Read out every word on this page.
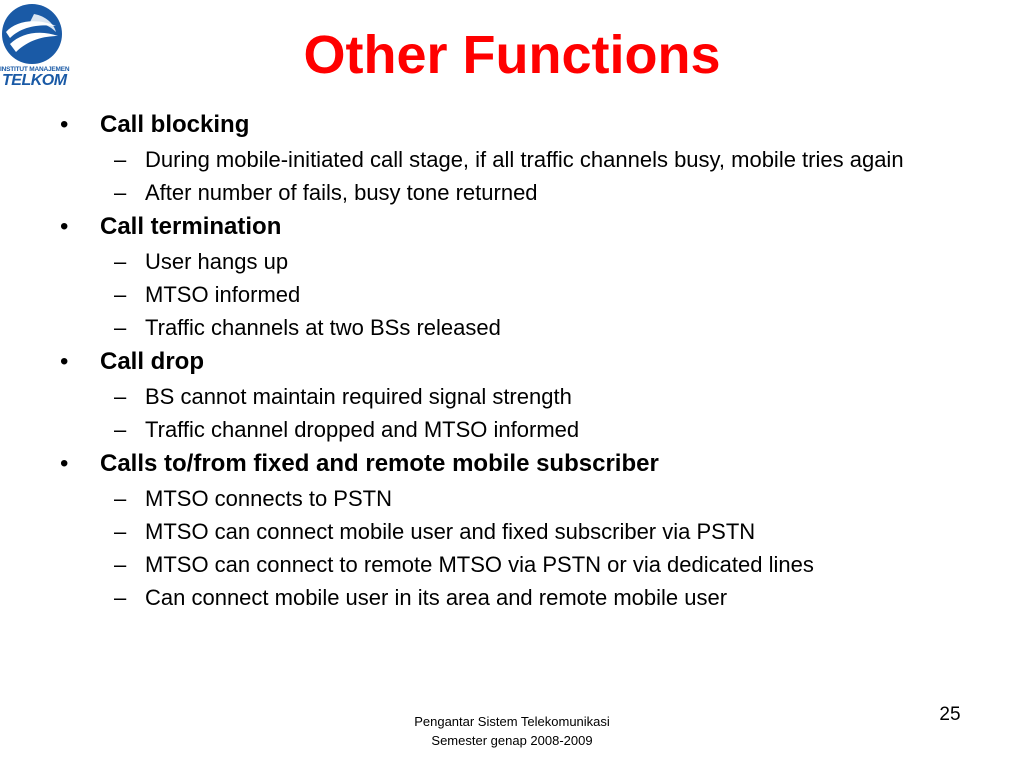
INSTITUT MANAJEMEN
TELKOM	Other Functions
• Call blocking
– During mobile-initiated call stage, if all traffic channels busy, mobile tries again
– After number of fails, busy tone returned
• Call termination
– User hangs up
– MTSO informed
– Traffic channels at two BSs released
• Call drop
– BS cannot maintain required signal strength
– Traffic channel dropped and MTSO informed
• Calls to/from fixed and remote mobile subscriber
– MTSO connects to PSTN
– MTSO can connect mobile user and fixed subscriber via PSTN
– MTSO can connect to remote MTSO via PSTN or via dedicated lines
– Can connect mobile user in its area and remote mobile user
Pengantar Sistem Telekomunikasi
Semester genap 2008-2009
25
